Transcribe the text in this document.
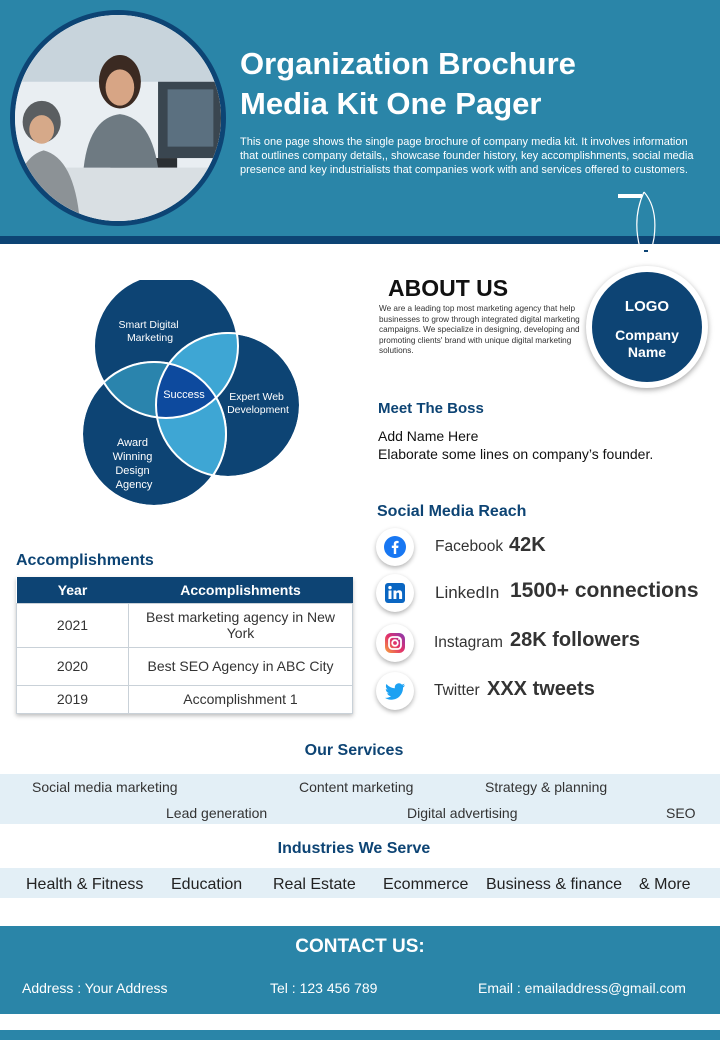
Organization Brochure
Media Kit One Pager
This one page shows the single page brochure of company media kit. It involves information that outlines company details,, showcase founder history, key accomplishments, social media presence and key industrialists that companies work with and services offered to customers.
LOGO
Company Name
Smart Digital Marketing
Expert Web Development
Award Winning Design Agency
Success
ABOUT US
We are a leading top most marketing agency that help businesses to grow through integrated digital marketing campaigns. We specialize in designing, developing and promoting clients' brand with unique digital marketing solutions.
Meet The Boss
Add Name Here
Elaborate some lines on company’s founder.
Social Media Reach
Facebook 42K
LinkedIn 1500+ connections
Instagram 28K followers
Twitter XXX tweets
Accomplishments
Year	Accomplishments
2021	Best marketing agency in New York
2020	Best SEO Agency in ABC City
2019	Accomplishment 1
Our Services
Social media marketing	Content marketing	Strategy & planning
Lead generation	Digital advertising	SEO
Industries We Serve
Health & Fitness Education Real Estate Ecommerce Business & finance & More
CONTACT US:
Address : Your Address	Tel : 123 456 789	Email : emailaddress@gmail.com
